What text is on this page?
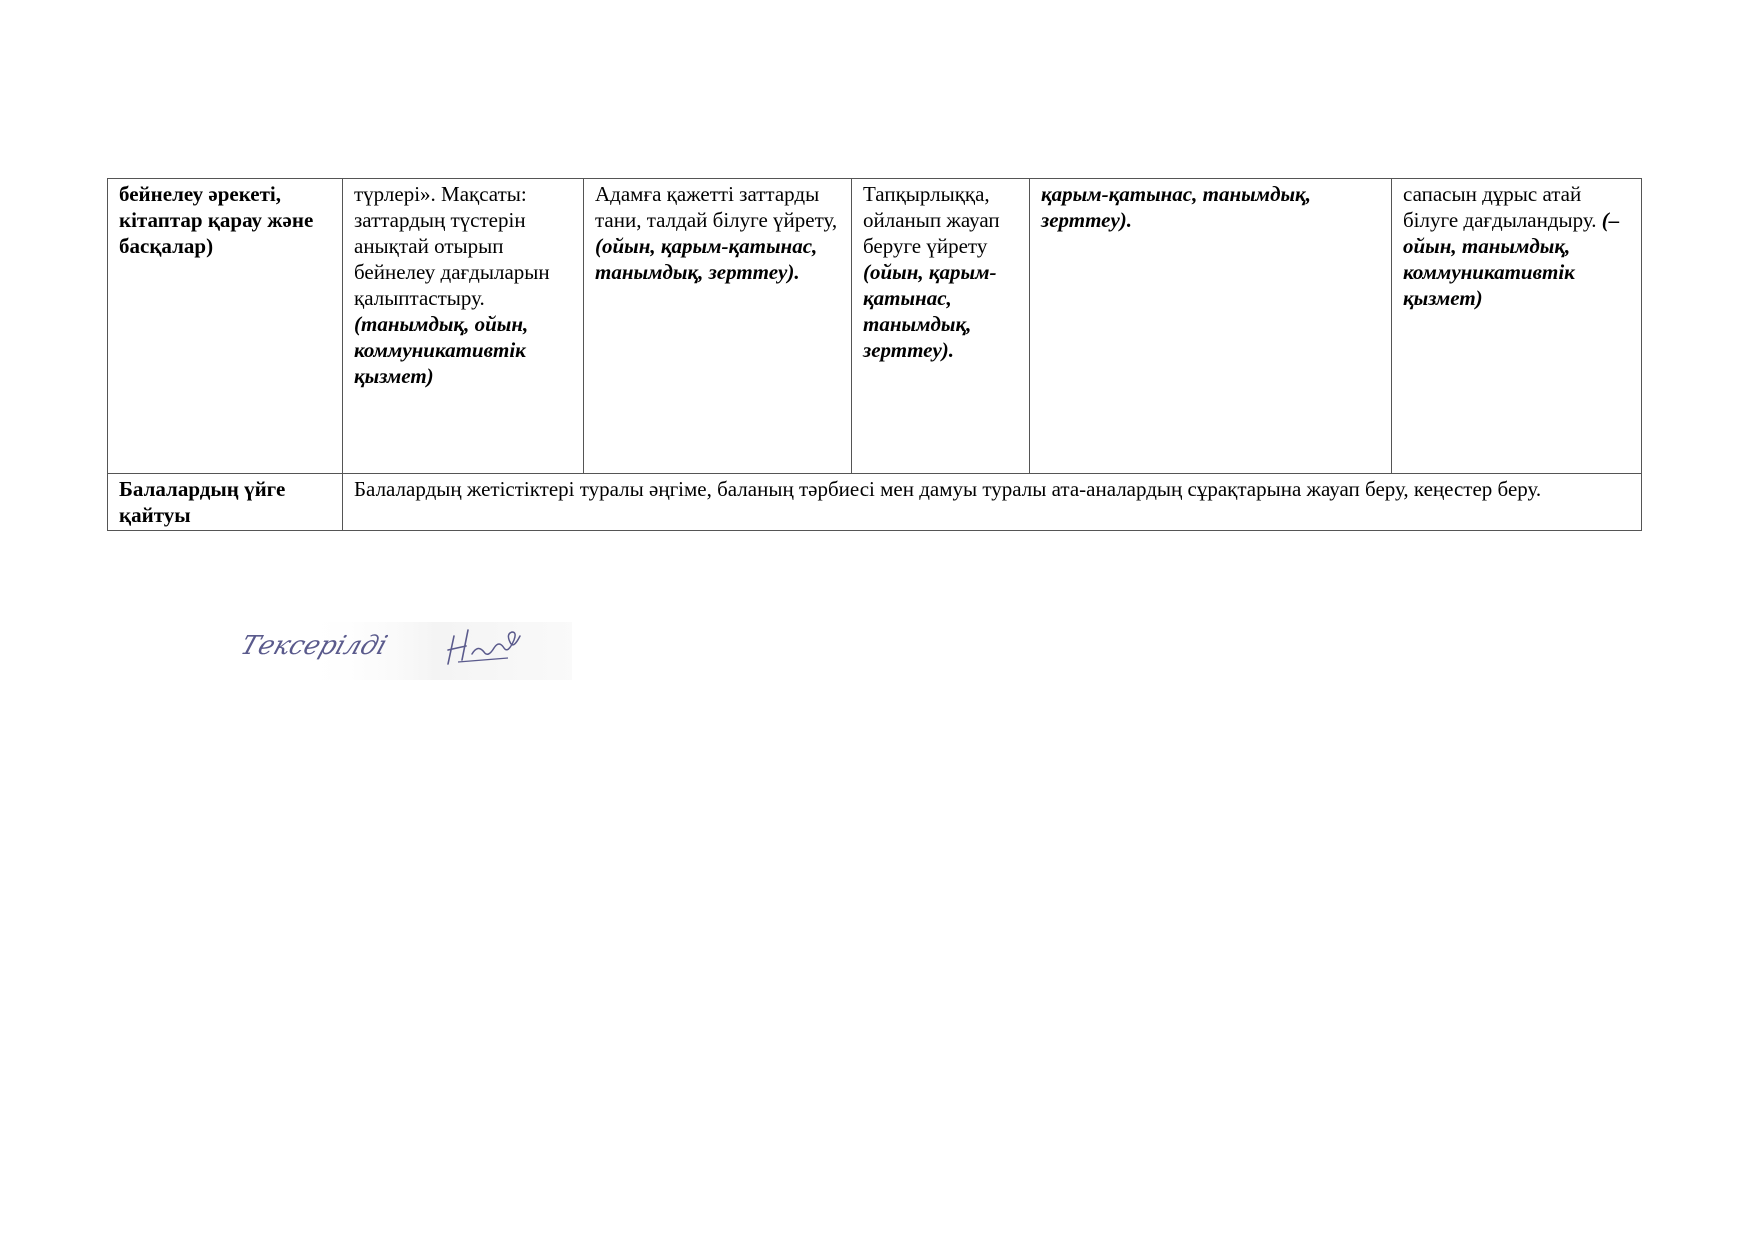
бейнелеу әрекеті, кітаптар қарау және басқалар)	түрлері». Мақсаты: заттардың түстерін анықтай отырып бейнелеу дағдыларын қалыптастыру. (танымдық, ойын, коммуникативтік қызмет)	Адамға қажетті заттарды тани, талдай білуге үйрету, (ойын, қарым-қатынас, танымдық, зерттеу).	Тапқырлыққа, ойланып жауап беруге үйрету (ойын, қарым-қатынас, танымдық, зерттеу).	қарым-қатынас, танымдық, зерттеу).	сапасын дұрыс атай білуге дағдыландыру. (– ойын, танымдық, коммуникативтік қызмет)
Балалардың үйге қайтуы	Балалардың жетістіктері туралы әңгіме, баланың тәрбиесі мен дамуы туралы ата-аналардың сұрақтарына жауап беру, кеңестер беру.				
Тексерілді
